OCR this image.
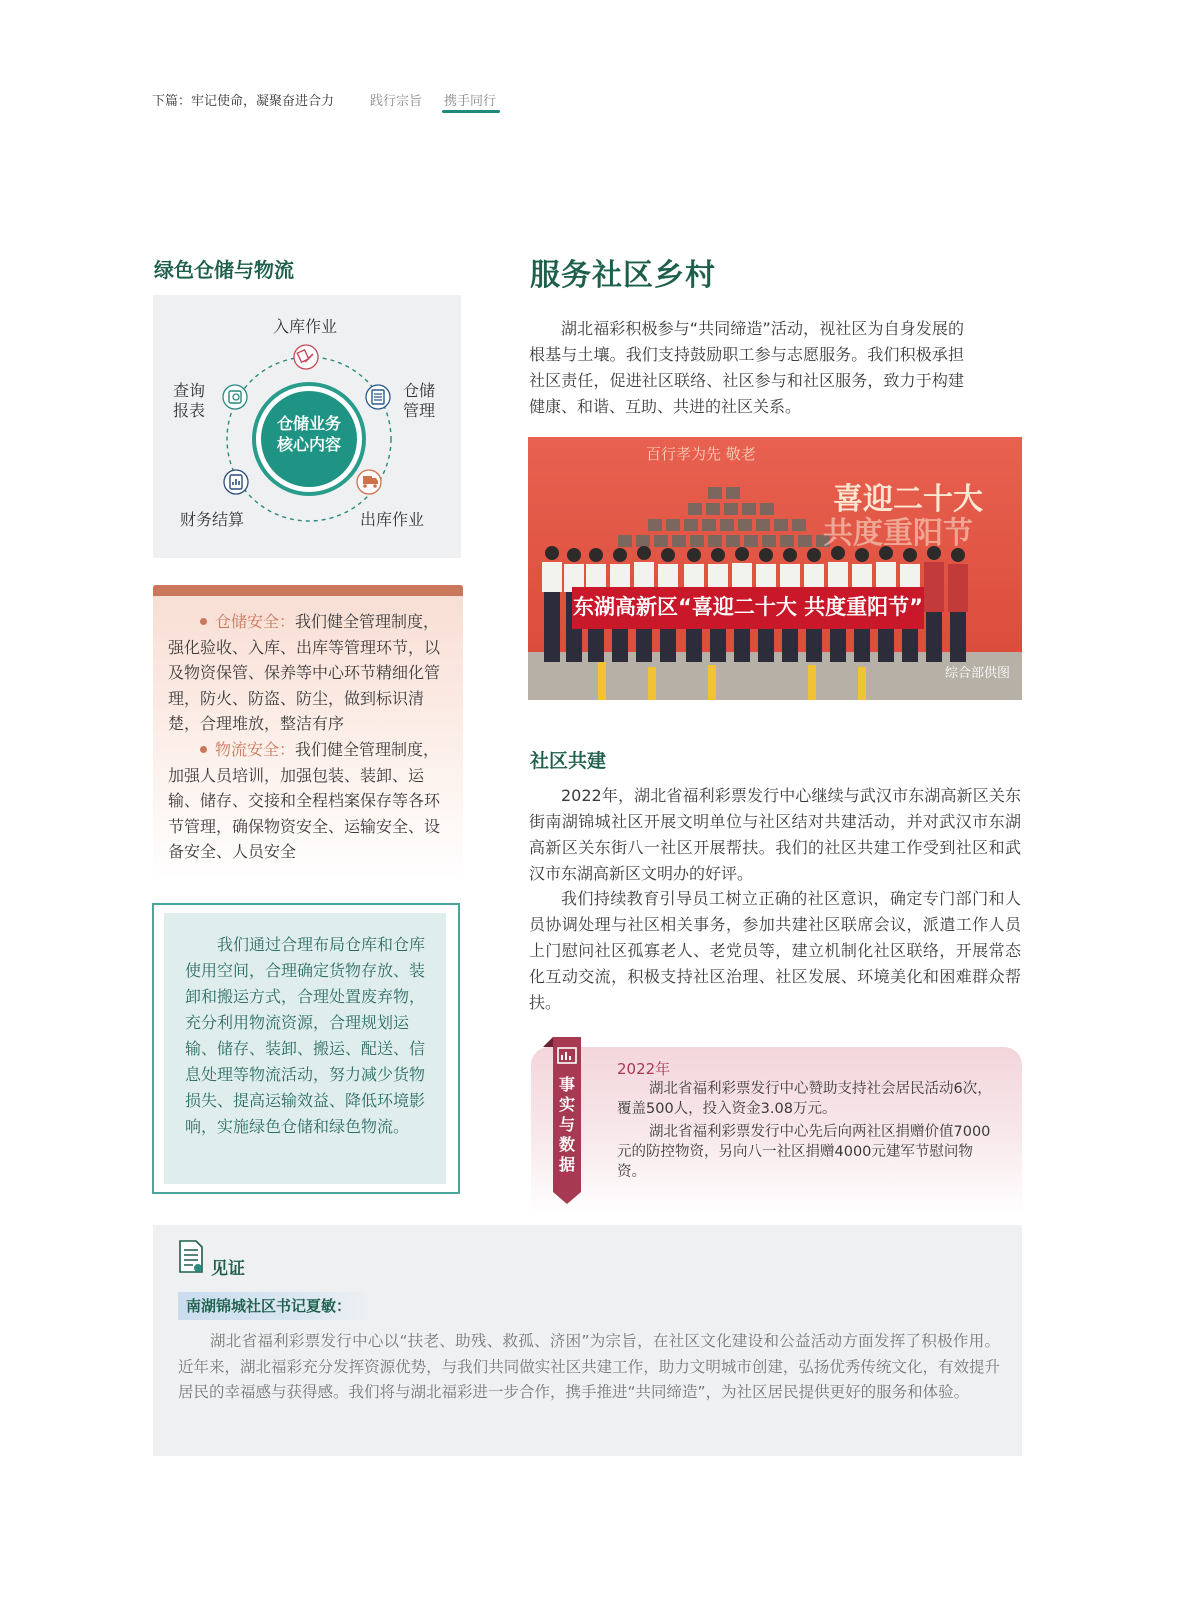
下篇：牢记使命，凝聚奋进合力	践行宗旨 携手同行
绿色仓储与物流
仓储业务
核心内容
入库作业
仓储
管理
出库作业
财务结算
查询
报表
仓储安全：我们健全管理制度，强化验收、入库、出库等管理环节，以及物资保管、保养等中心环节精细化管理，防火、防盗、防尘，做到标识清楚，合理堆放，整洁有序
物流安全：我们健全管理制度，加强人员培训，加强包装、装卸、运输、储存、交接和全程档案保存等各环节管理，确保物资安全、运输安全、设备安全、人员安全
我们通过合理布局仓库和仓库使用空间，合理确定货物存放、装卸和搬运方式，合理处置废弃物，充分利用物流资源，合理规划运输、储存、装卸、搬运、配送、信息处理等物流活动，努力减少货物损失、提高运输效益、降低环境影响，实施绿色仓储和绿色物流。
服务社区乡村
湖北福彩积极参与“共同缔造”活动，视社区为自身发展的根基与土壤。我们支持鼓励职工参与志愿服务。我们积极承担社区责任，促进社区联络、社区参与和社区服务，致力于构建健康、和谐、互助、共进的社区关系。
东湖高新区“喜迎二十大 共度重阳节”
喜迎二十大
共度重阳节
百行孝为先 敬老
综合部供图
社区共建
2022年，湖北省福利彩票发行中心继续与武汉市东湖高新区关东街南湖锦城社区开展文明单位与社区结对共建活动，并对武汉市东湖高新区关东街八一社区开展帮扶。我们的社区共建工作受到社区和武汉市东湖高新区文明办的好评。
我们持续教育引导员工树立正确的社区意识，确定专门部门和人员协调处理与社区相关事务，参加共建社区联席会议，派遣工作人员上门慰问社区孤寡老人、老党员等，建立机制化社区联络，开展常态化互动交流，积极支持社区治理、社区发展、环境美化和困难群众帮扶。
事
实
与
数
据
2022年
湖北省福利彩票发行中心赞助支持社会居民活动6次，覆盖500人，投入资金3.08万元。
湖北省福利彩票发行中心先后向两社区捐赠价值7000元的防控物资，另向八一社区捐赠4000元建军节慰问物资。
见证
南湖锦城社区书记夏敏：
湖北省福利彩票发行中心以“扶老、助残、救孤、济困”为宗旨，在社区文化建设和公益活动方面发挥了积极作用。近年来，湖北福彩充分发挥资源优势，与我们共同做实社区共建工作，助力文明城市创建，弘扬优秀传统文化，有效提升居民的幸福感与获得感。我们将与湖北福彩进一步合作，携手推进“共同缔造”，为社区居民提供更好的服务和体验。
